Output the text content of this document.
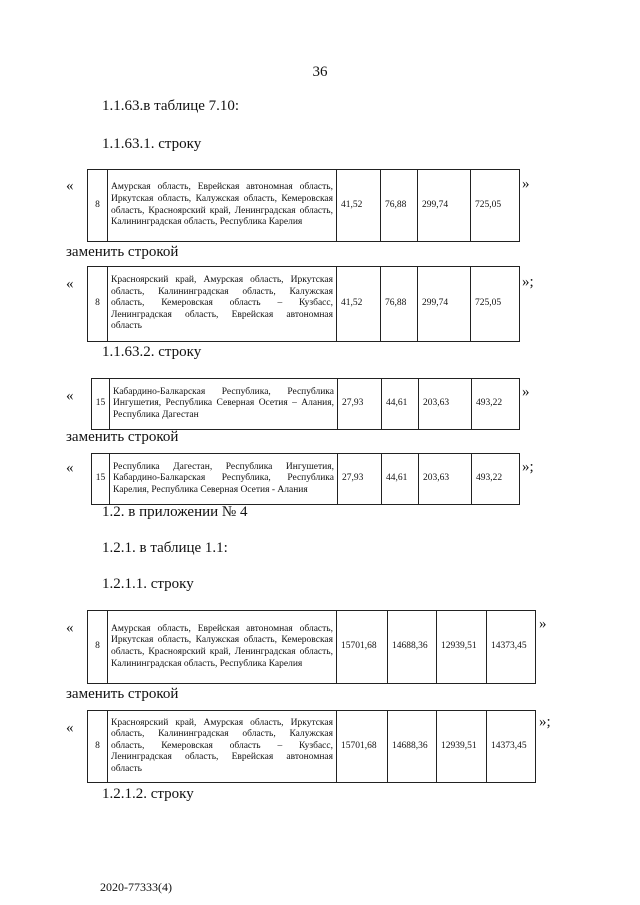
36
1.1.63.в таблице 7.10:
1.1.63.1. строку
«
8	Амурская область, Еврейская автономная область, Иркутская область, Калужская область, Кемеровская область, Красноярский край, Ленинградская область, Калининградская область, Республика Карелия	41,52	76,88	299,74	725,05
»
заменить строкой
«
8	Красноярский край, Амурская область, Иркутская область, Калининградская область, Калужская область, Кемеровская область – Кузбасс, Ленинградская область, Еврейская автономная область	41,52	76,88	299,74	725,05
»;
1.1.63.2. строку
« 15	Кабардино-Балкарская Республика, Республика Ингушетия, Республика Северная Осетия – Алания, Республика Дагестан	27,93	44,61	203,63	493,22
»
заменить строкой
«
15	Республика Дагестан, Республика Ингушетия, Кабардино-Балкарская Республика, Республика Карелия, Республика Северная Осетия - Алания	27,93	44,61	203,63	493,22
»;
1.2. в приложении № 4
1.2.1. в таблице 1.1:
1.2.1.1. строку
«
8	Амурская область, Еврейская автономная область, Иркутская область, Калужская область, Кемеровская область, Красноярский край, Ленинградская область, Калининградская область, Республика Карелия	15701,68	14688,36	12939,51	14373,45
»
заменить строкой
«
8	Красноярский край, Амурская область, Иркутская область, Калининградская область, Калужская область, Кемеровская область – Кузбасс, Ленинградская область, Еврейская автономная область	15701,68	14688,36	12939,51	14373,45
»;
1.2.1.2. строку
2020-77333(4)
